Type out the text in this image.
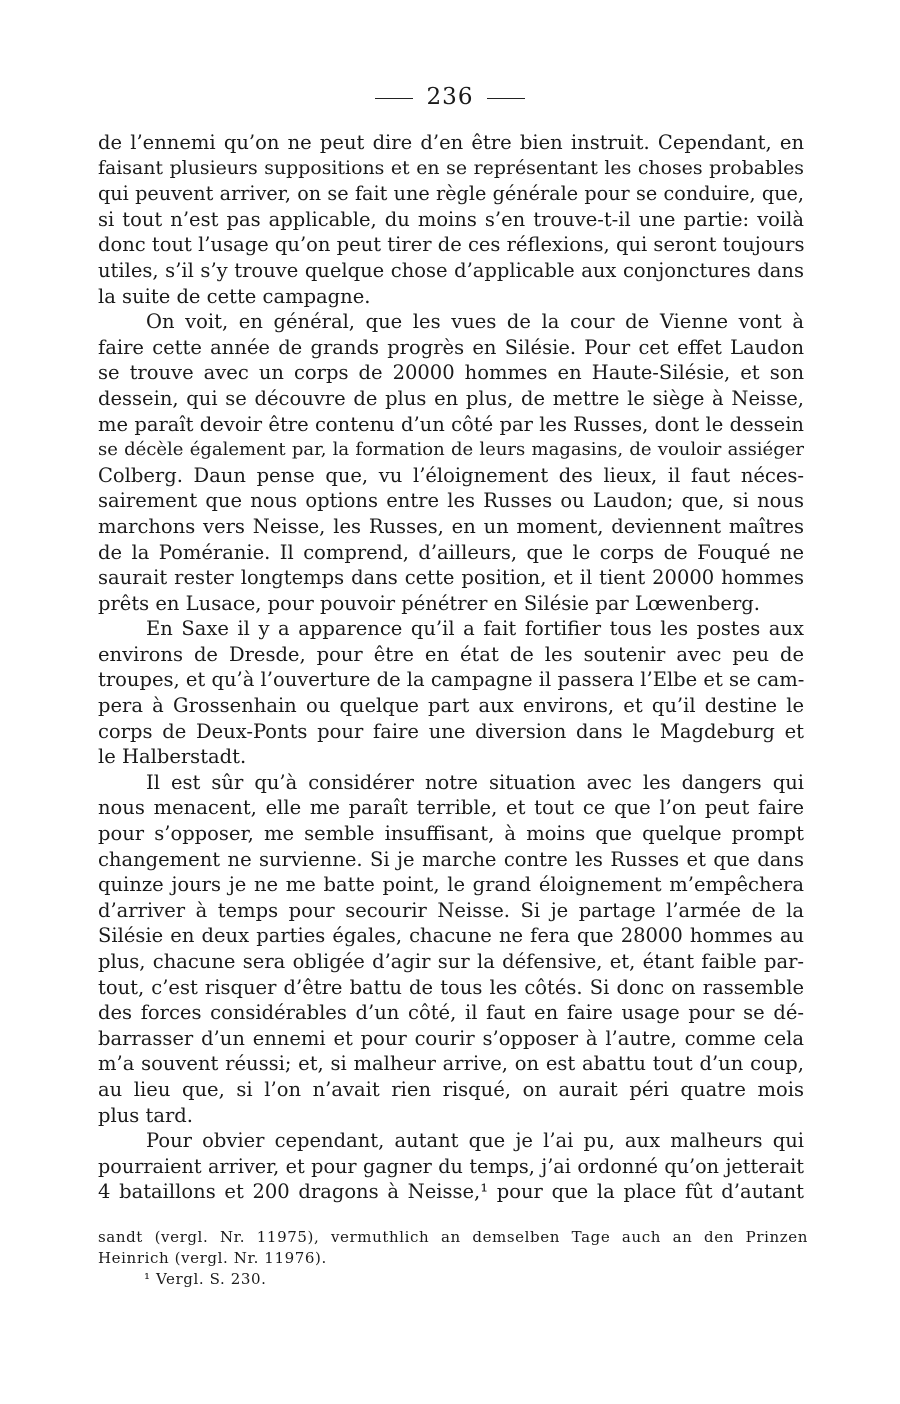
236
de l’ennemi qu’on ne peut dire d’en être bien instruit. Cependant, en
faisant plusieurs suppositions et en se représentant les choses probables
qui peuvent arriver, on se fait une règle générale pour se conduire, que,
si tout n’est pas applicable, du moins s’en trouve-t-il une partie: voilà
donc tout l’usage qu’on peut tirer de ces réflexions, qui seront toujours
utiles, s’il s’y trouve quelque chose d’applicable aux conjonctures dans
la suite de cette campagne.
On voit, en général, que les vues de la cour de Vienne vont à
faire cette année de grands progrès en Silésie. Pour cet effet Laudon
se trouve avec un corps de 20000 hommes en Haute-Silésie, et son
dessein, qui se découvre de plus en plus, de mettre le siège à Neisse,
me paraît devoir être contenu d’un côté par les Russes, dont le dessein
se décèle également par, la formation de leurs magasins, de vouloir assiéger
Colberg. Daun pense que, vu l’éloignement des lieux, il faut néces-
sairement que nous options entre les Russes ou Laudon; que, si nous
marchons vers Neisse, les Russes, en un moment, deviennent maîtres
de la Poméranie. Il comprend, d’ailleurs, que le corps de Fouqué ne
saurait rester longtemps dans cette position, et il tient 20000 hommes
prêts en Lusace, pour pouvoir pénétrer en Silésie par Lœwenberg.
En Saxe il y a apparence qu’il a fait fortifier tous les postes aux
environs de Dresde, pour être en état de les soutenir avec peu de
troupes, et qu’à l’ouverture de la campagne il passera l’Elbe et se cam-
pera à Grossenhain ou quelque part aux environs, et qu’il destine le
corps de Deux-Ponts pour faire une diversion dans le Magdeburg et
le Halberstadt.
Il est sûr qu’à considérer notre situation avec les dangers qui
nous menacent, elle me paraît terrible, et tout ce que l’on peut faire
pour s’opposer, me semble insuffisant, à moins que quelque prompt
changement ne survienne. Si je marche contre les Russes et que dans
quinze jours je ne me batte point, le grand éloignement m’empêchera
d’arriver à temps pour secourir Neisse. Si je partage l’armée de la
Silésie en deux parties égales, chacune ne fera que 28000 hommes au
plus, chacune sera obligée d’agir sur la défensive, et, étant faible par-
tout, c’est risquer d’être battu de tous les côtés. Si donc on rassemble
des forces considérables d’un côté, il faut en faire usage pour se dé-
barrasser d’un ennemi et pour courir s’opposer à l’autre, comme cela
m’a souvent réussi; et, si malheur arrive, on est abattu tout d’un coup,
au lieu que, si l’on n’avait rien risqué, on aurait péri quatre mois
plus tard.
Pour obvier cependant, autant que je l’ai pu, aux malheurs qui
pourraient arriver, et pour gagner du temps, j’ai ordonné qu’on jetterait
4 bataillons et 200 dragons à Neisse,¹ pour que la place fût d’autant
sandt (vergl. Nr. 11975), vermuthlich an demselben Tage auch an den Prinzen
Heinrich (vergl. Nr. 11976).
¹ Vergl. S. 230.
